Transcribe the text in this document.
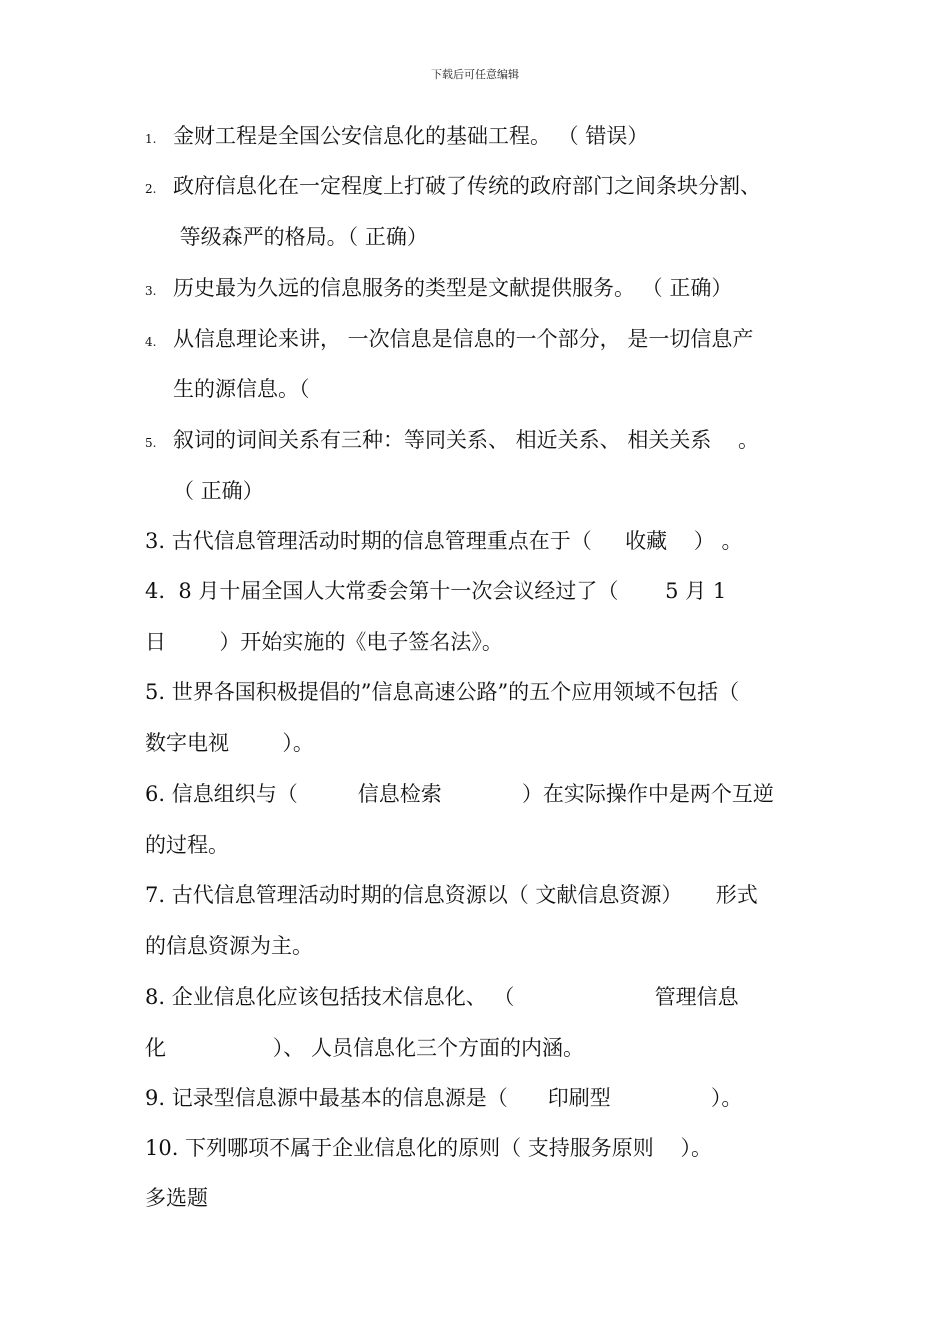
下载后可任意编辑
1. 金财工程是全国公安信息化的基础工程。 （ 错误）
2. 政府信息化在一定程度上打破了传统的政府部门之间条块分割、
等级森严的格局。（ 正确）
3. 历史最为久远的信息服务的类型是文献提供服务。 （ 正确）
4. 从信息理论来讲， 一次信息是信息的一个部分， 是一切信息产
生的源信息。（
5. 叙词的词间关系有三种：等同关系、 相近关系、 相关关系    。
（ 正确）
3. 古代信息管理活动时期的信息管理重点在于（     收藏    ） 。
4.  8 月十届全国人大常委会第十一次会议经过了（       5 月 1
日        ）开始实施的《电子签名法》。
5. 世界各国积极提倡的”信息高速公路”的五个应用领域不包括（
数字电视        ）。
6. 信息组织与（         信息检索            ）在实际操作中是两个互逆
的过程。
7. 古代信息管理活动时期的信息资源以（ 文献信息资源）     形式
的信息资源为主。
8. 企业信息化应该包括技术信息化、 （                     管理信息
化                ）、 人员信息化三个方面的内涵。
9. 记录型信息源中最基本的信息源是（      印刷型               ）。
10. 下列哪项不属于企业信息化的原则（ 支持服务原则    ）。
多选题
